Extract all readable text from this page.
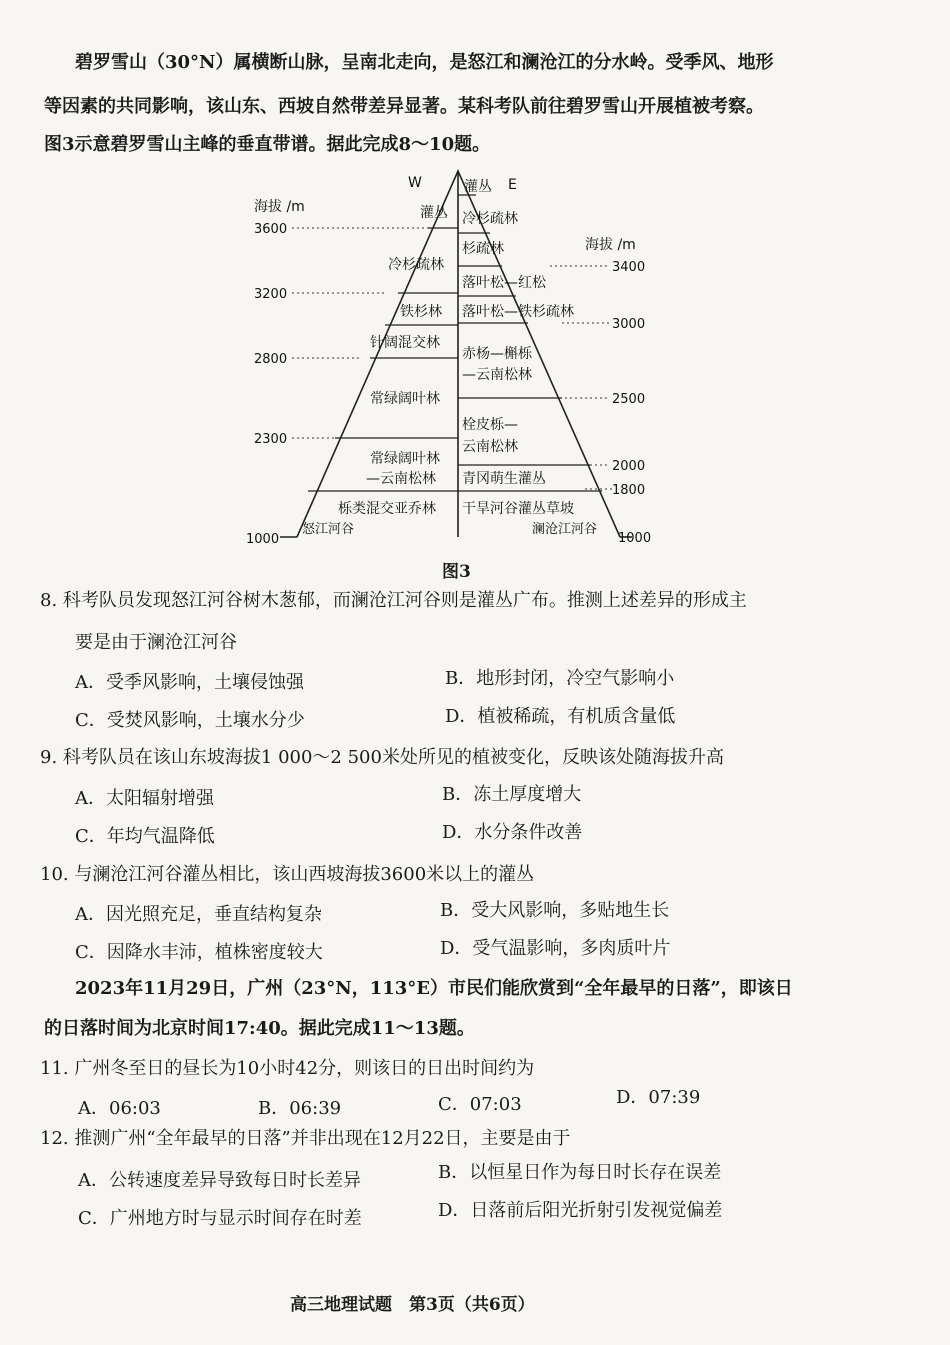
碧罗雪山（30°N）属横断山脉，呈南北走向，是怒江和澜沧江的分水岭。受季风、地形
等因素的共同影响，该山东、西坡自然带差异显著。某科考队前往碧罗雪山开展植被考察。
图3示意碧罗雪山主峰的垂直带谱。据此完成8～10题。
海拔 /m
海拔 /m
W	E
3600
3200
2800
2300
1000
3400
3000
2500
2000
1800
1000
灌丛
冷杉疏林
铁杉林
针阔混交林
常绿阔叶林
常绿阔叶林
—云南松林
栎类混交亚乔林
怒江河谷
灌丛
冷杉疏林
杉疏林
落叶松—红松
落叶松—铁杉疏林
赤杨—槲栎
—云南松林
栓皮栎—
云南松林
青冈萌生灌丛
干旱河谷灌丛草坡
澜沧江河谷
图3
8. 科考队员发现怒江河谷树木葱郁，而澜沧江河谷则是灌丛广布。推测上述差异的形成主
要是由于澜沧江河谷
A．受季风影响，土壤侵蚀强	B．地形封闭，冷空气影响小
C．受焚风影响，土壤水分少	D．植被稀疏，有机质含量低
9. 科考队员在该山东坡海拔1 000～2 500米处所见的植被变化，反映该处随海拔升高
A．太阳辐射增强	B．冻土厚度增大
C．年均气温降低	D．水分条件改善
10. 与澜沧江河谷灌丛相比，该山西坡海拔3600米以上的灌丛
A．因光照充足，垂直结构复杂	B．受大风影响，多贴地生长
C．因降水丰沛，植株密度较大	D．受气温影响，多肉质叶片
2023年11月29日，广州（23°N，113°E）市民们能欣赏到“全年最早的日落”，即该日
的日落时间为北京时间17:40。据此完成11～13题。
11. 广州冬至日的昼长为10小时42分，则该日的日出时间约为
A．06:03	B．06:39	C．07:03	D．07:39
12. 推测广州“全年最早的日落”并非出现在12月22日，主要是由于
A．公转速度差异导致每日时长差异	B．以恒星日作为每日时长存在误差
C．广州地方时与显示时间存在时差	D．日落前后阳光折射引发视觉偏差
高三地理试题　第3页（共6页）
